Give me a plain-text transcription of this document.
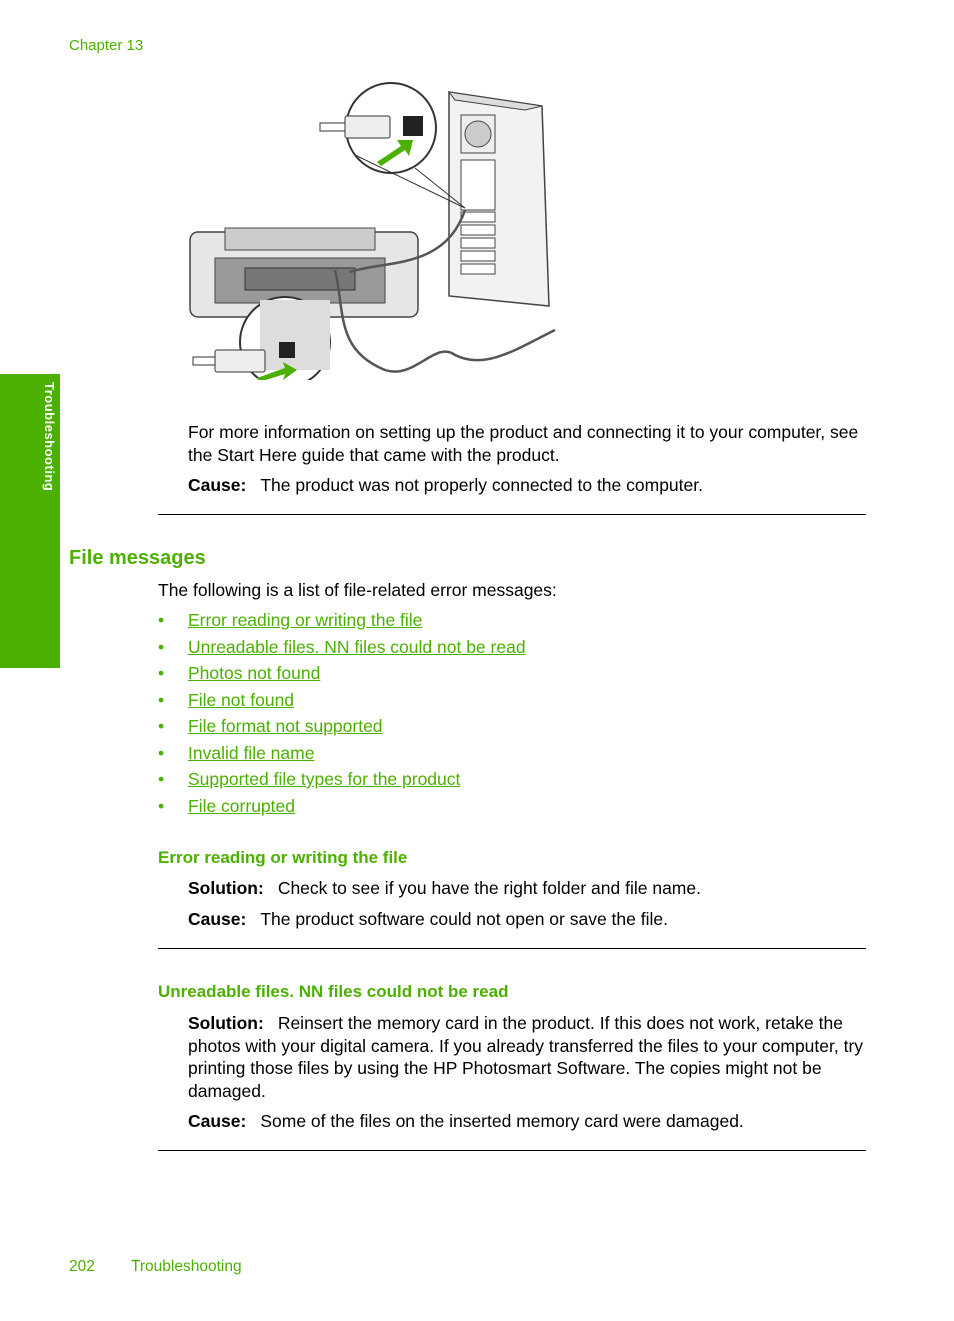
Chapter 13
Troubleshooting	For more information on setting up the product and connecting it to your computer, see the Start Here guide that came with the product.
Cause: The product was not properly connected to the computer.
File messages
The following is a list of file-related error messages:
• Error reading or writing the file
• Unreadable files. NN files could not be read
• Photos not found
• File not found
• File format not supported
• Invalid file name
• Supported file types for the product
• File corrupted
Error reading or writing the file
Solution: Check to see if you have the right folder and file name.
Cause: The product software could not open or save the file.
Unreadable files. NN files could not be read
Solution: Reinsert the memory card in the product. If this does not work, retake the photos with your digital camera. If you already transferred the files to your computer, try printing those files by using the HP Photosmart Software. The copies might not be damaged.
Cause: Some of the files on the inserted memory card were damaged.
202 Troubleshooting
